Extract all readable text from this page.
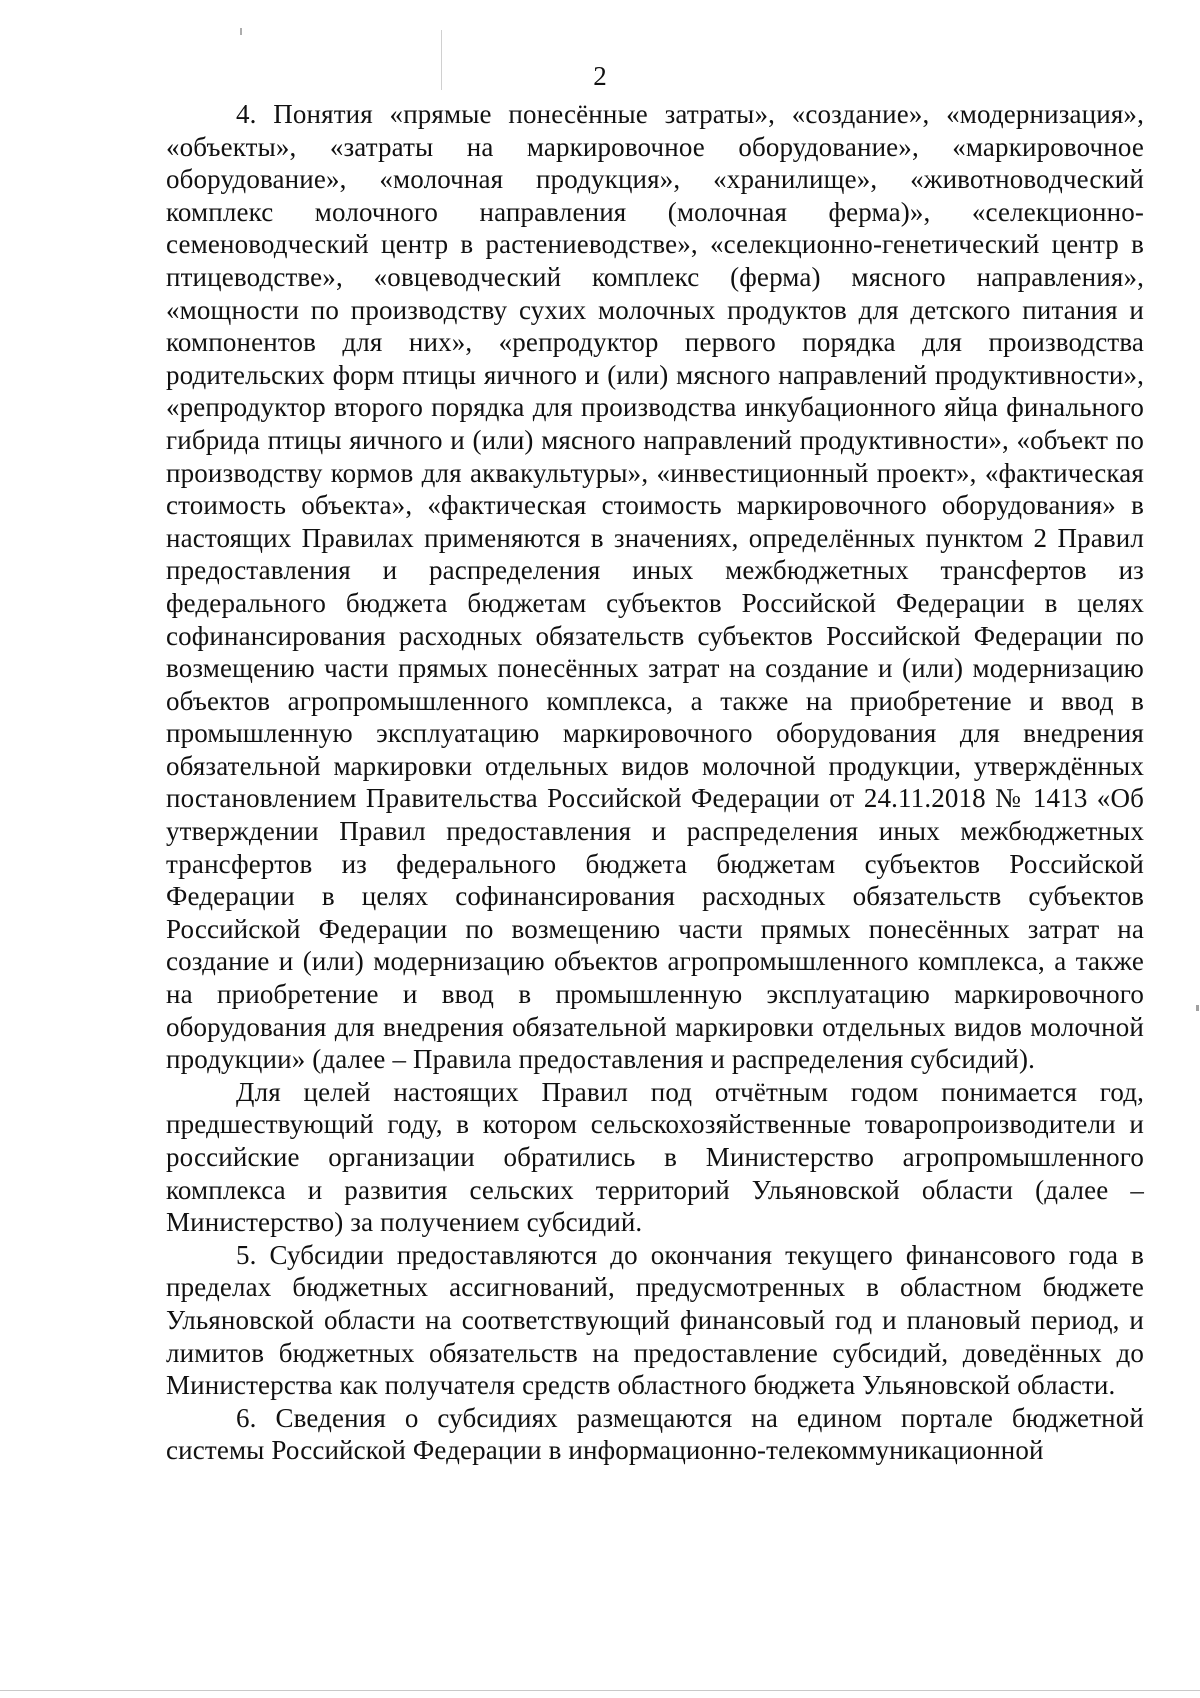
2

4. Понятия «прямые понесённые затраты», «создание», «модернизация», «объекты», «затраты на маркировочное оборудование», «маркировочное оборудование», «молочная продукция», «хранилище», «животноводческий комплекс молочного направления (молочная ферма)», «селекционно-семеноводческий центр в растениеводстве», «селекционно-генетический центр в птицеводстве», «овцеводческий комплекс (ферма) мясного направления», «мощности по производству сухих молочных продуктов для детского питания и компонентов для них», «репродуктор первого порядка для производства родительских форм птицы яичного и (или) мясного направлений продуктивности», «репродуктор второго порядка для производства инкубационного яйца финального гибрида птицы яичного и (или) мясного направлений продуктивности», «объект по производству кормов для аквакультуры», «инвестиционный проект», «фактическая стоимость объекта», «фактическая стоимость маркировочного оборудования» в настоящих Правилах применяются в значениях, определённых пунктом 2 Правил предоставления и распределения иных межбюджетных трансфертов из федерального бюджета бюджетам субъектов Российской Федерации в целях софинансирования расходных обязательств субъектов Российской Федерации по возмещению части прямых понесённых затрат на создание и (или) модернизацию объектов агропромышленного комплекса, а также на приобретение и ввод в промышленную эксплуатацию маркировочного оборудования для внедрения обязательной маркировки отдельных видов молочной продукции, утверждённых постановлением Правительства Российской Федерации от 24.11.2018 № 1413 «Об утверждении Правил предоставления и распределения иных межбюджетных трансфертов из федерального бюджета бюджетам субъектов Российской Федерации в целях софинансирования расходных обязательств субъектов Российской Федерации по возмещению части прямых понесённых затрат на создание и (или) модернизацию объектов агропромышленного комплекса, а также на приобретение и ввод в промышленную эксплуатацию маркировочного оборудования для внедрения обязательной маркировки отдельных видов молочной продукции» (далее – Правила предоставления и распределения субсидий).

Для целей настоящих Правил под отчётным годом понимается год, предшествующий году, в котором сельскохозяйственные товаропроизводители и российские организации обратились в Министерство агропромышленного комплекса и развития сельских территорий Ульяновской области (далее – Министерство) за получением субсидий.

5. Субсидии предоставляются до окончания текущего финансового года в пределах бюджетных ассигнований, предусмотренных в областном бюджете Ульяновской области на соответствующий финансовый год и плановый период, и лимитов бюджетных обязательств на предоставление субсидий, доведённых до Министерства как получателя средств областного бюджета Ульяновской области.

6. Сведения о субсидиях размещаются на едином портале бюджетной системы Российской Федерации в информационно-телекоммуникационной
